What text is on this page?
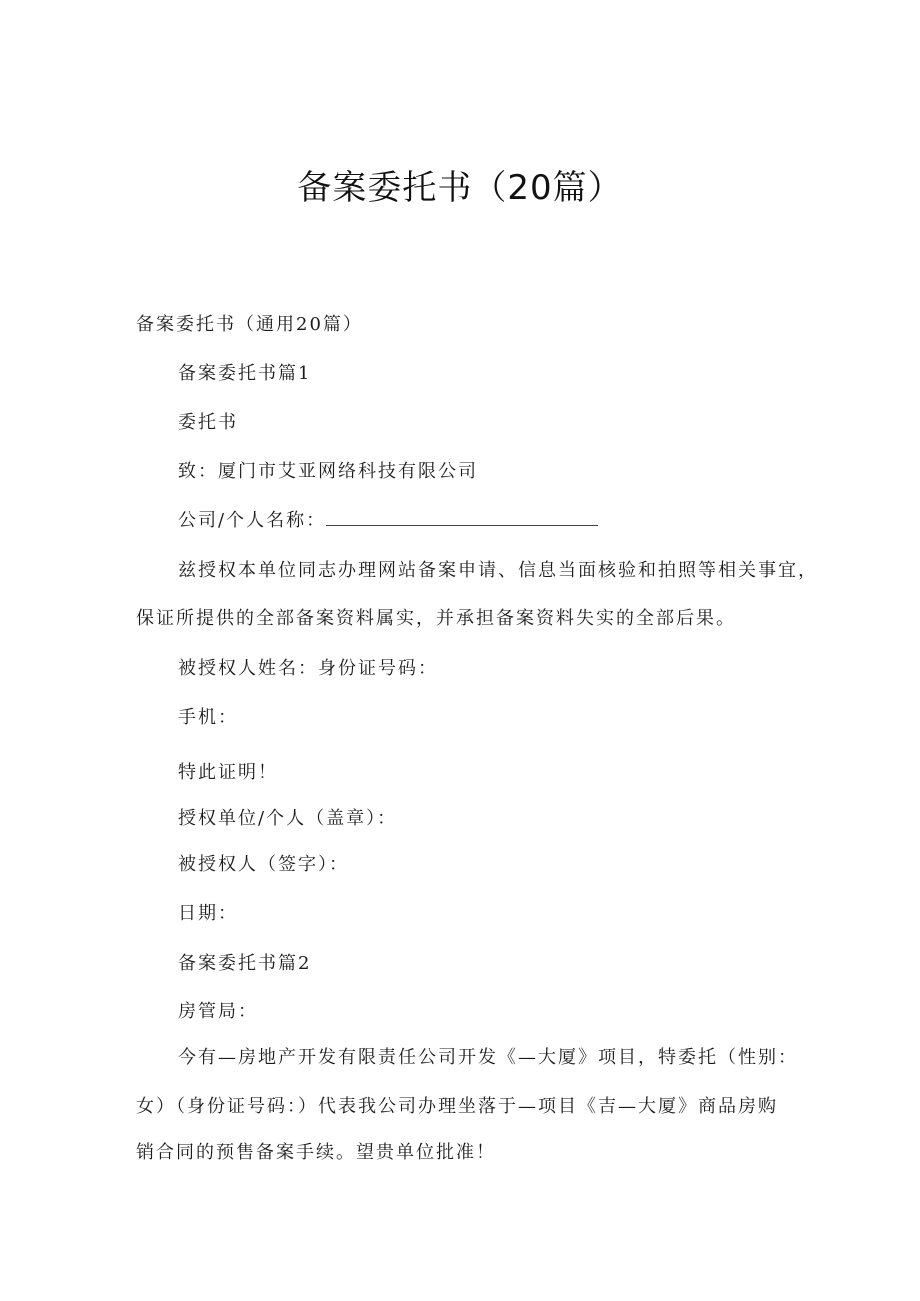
备案委托书（20篇）
备案委托书（通用20篇）
备案委托书篇1
委托书
致：厦门市艾亚网络科技有限公司
公司/个人名称：
兹授权本单位同志办理网站备案申请、信息当面核验和拍照等相关事宜，
保证所提供的全部备案资料属实，并承担备案资料失实的全部后果。
被授权人姓名：身份证号码：
手机：
特此证明！
授权单位/个人（盖章）：
被授权人（签字）：
日期：
备案委托书篇2
房管局：
今有—房地产开发有限责任公司开发《—大厦》项目，特委托（性别：
女）（身份证号码：）代表我公司办理坐落于—项目《吉—大厦》商品房购
销合同的预售备案手续。望贵单位批准！
